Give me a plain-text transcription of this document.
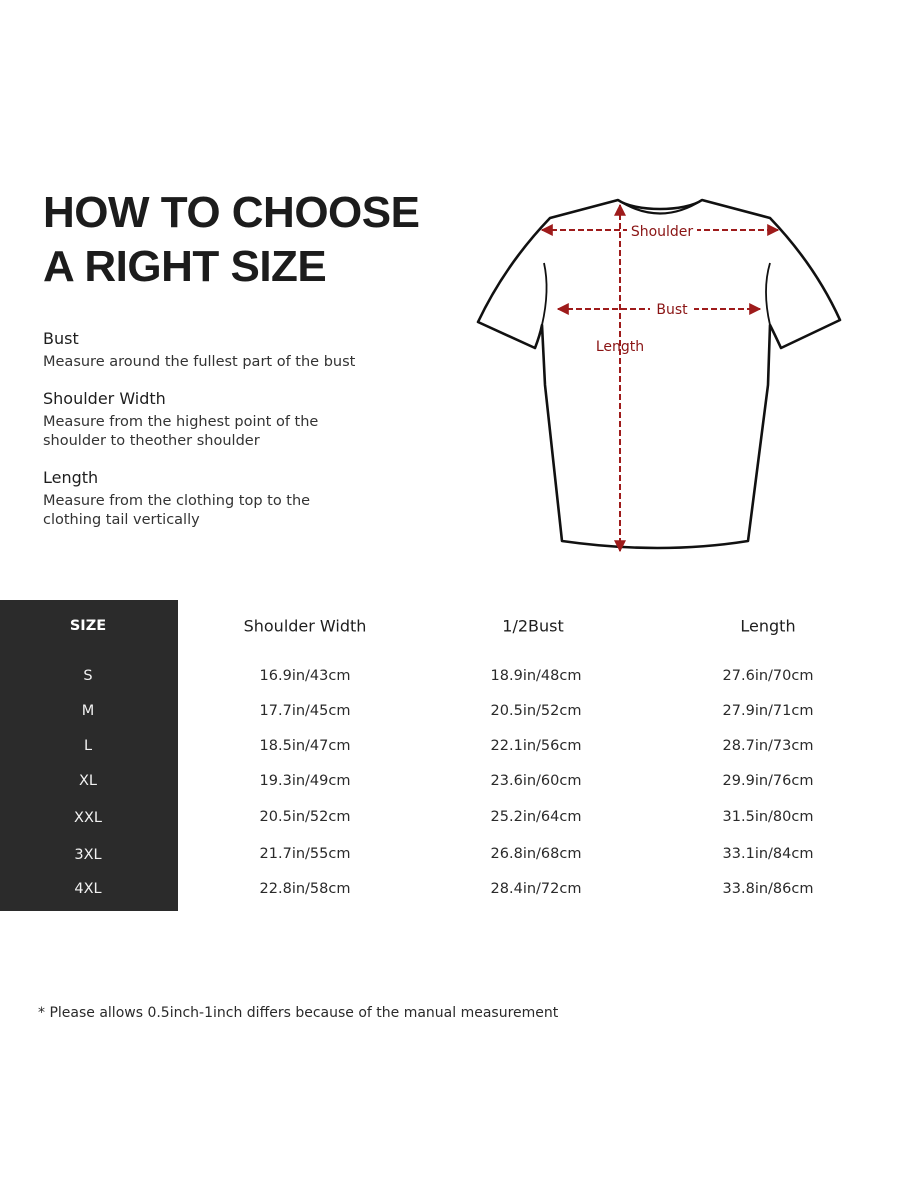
HOW TO CHOOSE
A RIGHT SIZE

Bust

Measure around the fullest part of the bust

Shoulder Width

Measure from the highest point of the
shoulder to theother shoulder

Length

Measure from the clothing top to the
clothing tail vertically

Shoulder
Bust
Length
SIZE	Shoulder Width	1/2Bust	Length
S	16.9in/43cm	18.9in/48cm	27.6in/70cm
M	17.7in/45cm	20.5in/52cm	27.9in/71cm
L	18.5in/47cm	22.1in/56cm	28.7in/73cm
XL	19.3in/49cm	23.6in/60cm	29.9in/76cm
XXL	20.5in/52cm	25.2in/64cm	31.5in/80cm
3XL	21.7in/55cm	26.8in/68cm	33.1in/84cm
4XL	22.8in/58cm	28.4in/72cm	33.8in/86cm
* Please allows 0.5inch-1inch differs because of the manual measurement
